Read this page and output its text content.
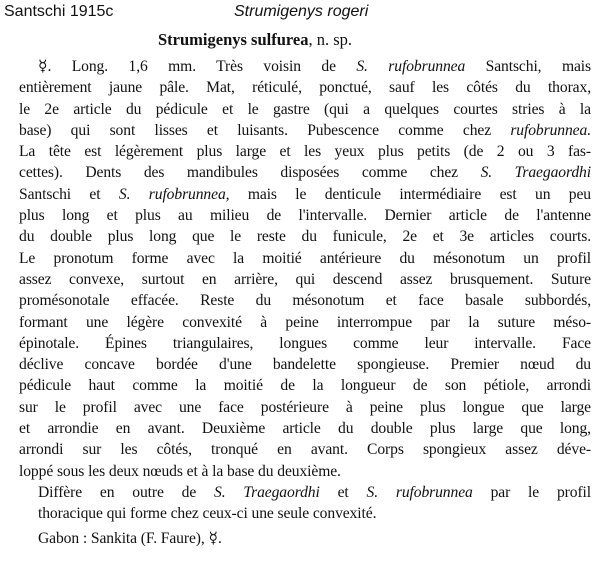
Santschi 1915c	Strumigenys rogeri
Strumigenys sulfurea, n. sp.
☿. Long. 1,6 mm. Très voisin de S. rufobrunnea Santschi, mais
entièrement jaune pâle. Mat, réticulé, ponctué, sauf les côtés du thorax,
le 2e article du pédicule et le gastre (qui a quelques courtes stries à la
base) qui sont lisses et luisants. Pubescence comme chez rufobrunnea.
La tête est légèrement plus large et les yeux plus petits (de 2 ou 3 fas-
cettes). Dents des mandibules disposées comme chez S. Traegaordhi
Santschi et S. rufobrunnea, mais le denticule intermédiaire est un peu
plus long et plus au milieu de l'intervalle. Dernier article de l'antenne
du double plus long que le reste du funicule, 2e et 3e articles courts.
Le pronotum forme avec la moitié antérieure du mésonotum un profil
assez convexe, surtout en arrière, qui descend assez brusquement. Suture
promésonotale effacée. Reste du mésonotum et face basale subbordés,
formant une légère convexité à peine interrompue par la suture méso-
épinotale. Épines triangulaires, longues comme leur intervalle. Face
déclive concave bordée d'une bandelette spongieuse. Premier nœud du
pédicule haut comme la moitié de la longueur de son pétiole, arrondi
sur le profil avec une face postérieure à peine plus longue que large
et arrondie en avant. Deuxième article du double plus large que long,
arrondi sur les côtés, tronqué en avant. Corps spongieux assez déve-
loppé sous les deux nœuds et à la base du deuxième.
Diffère en outre de S. Traegaordhi et S. rufobrunnea par le profil
thoracique qui forme chez ceux-ci une seule convexité.
Gabon : Sankita (F. Faure), ☿.
